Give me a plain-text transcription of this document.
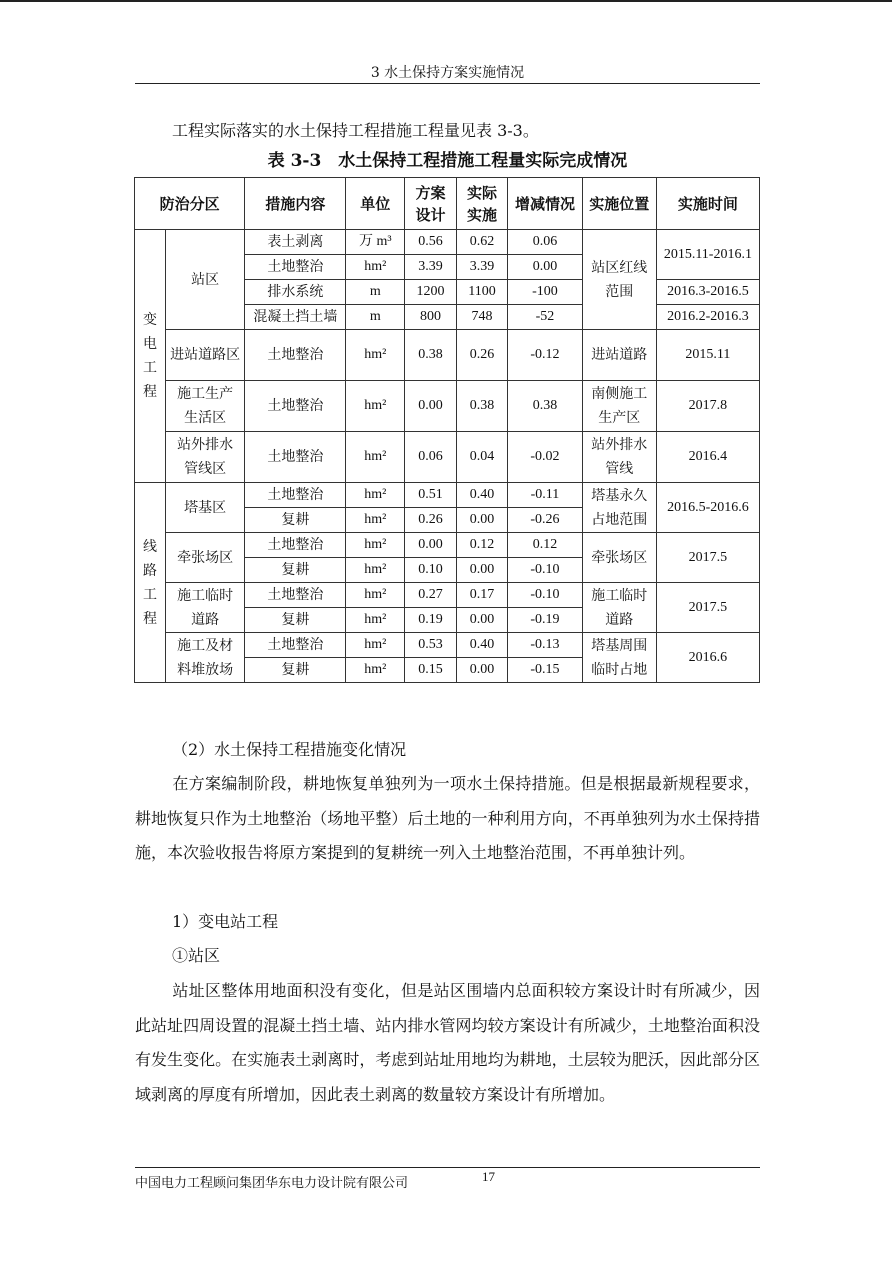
3 水土保持方案实施情况
工程实际落实的水土保持工程措施工程量见表 3-3。
表 3-3　水土保持工程措施工程量实际完成情况
防治分区		措施内容	单位	方案设计	实际实施	增减情况	实施位置	实施时间

变电工程	站区	表土剥离	万 m³	0.56	0.62	0.06	站区红线范围	2015.11-2016.1
		土地整治	hm²	3.39	3.39	0.00		
		排水系统	m	1200	1100	-100		2016.3-2016.5
		混凝土挡土墙	m	800	748	-52		2016.2-2016.3

	进站道路区	土地整治	hm²	0.38	0.26	-0.12	进站道路	2015.11

	施工生产生活区	土地整治	hm²	0.00	0.38	0.38	南侧施工生产区	2017.8

	站外排水管线区	土地整治	hm²	0.06	0.04	-0.02	站外排水管线	2016.4

线路工程	塔基区	土地整治	hm²	0.51	0.40	-0.11	塔基永久占地范围	2016.5-2016.6
		复耕	hm²	0.26	0.00	-0.26		
	牵张场区	土地整治	hm²	0.00	0.12	0.12	牵张场区	2017.5
		复耕	hm²	0.10	0.00	-0.10		

	施工临时道路	土地整治	hm²	0.27	0.17	-0.10	施工临时道路	2017.5
		复耕	hm²	0.19	0.00	-0.19		

	施工及材料堆放场	土地整治	hm²	0.53	0.40	-0.13	塔基周围临时占地	2016.6
		复耕	hm²	0.15	0.00	-0.15		
（2）水土保持工程措施变化情况
在方案编制阶段，耕地恢复单独列为一项水土保持措施。但是根据最新规程要求，耕地恢复只作为土地整治（场地平整）后土地的一种利用方向，不再单独列为水土保持措施，本次验收报告将原方案提到的复耕统一列入土地整治范围，不再单独计列。
1）变电站工程
①站区
站址区整体用地面积没有变化，但是站区围墙内总面积较方案设计时有所减少，因此站址四周设置的混凝土挡土墙、站内排水管网均较方案设计有所减少，土地整治面积没有发生变化。在实施表土剥离时，考虑到站址用地均为耕地，土层较为肥沃，因此部分区域剥离的厚度有所增加，因此表土剥离的数量较方案设计有所增加。
中国电力工程顾问集团华东电力设计院有限公司	17
